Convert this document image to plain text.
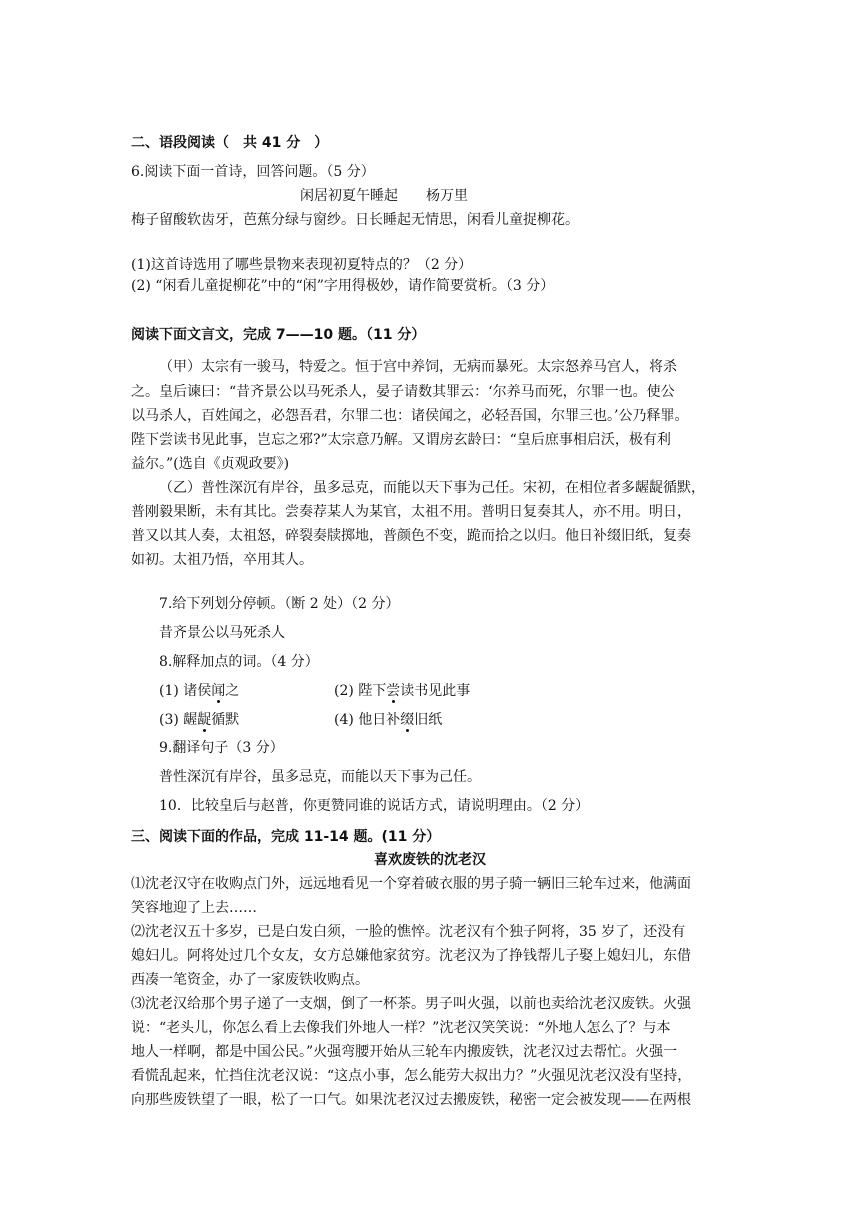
二、语段阅读（　共 41 分　）
6.阅读下面一首诗，回答问题。（5 分）
闲居初夏午睡起　　杨万里
梅子留酸软齿牙，芭蕉分绿与窗纱。日长睡起无情思，闲看儿童捉柳花。
(1)这首诗选用了哪些景物来表现初夏特点的？（2 分）
(2) “闲看儿童捉柳花”中的“闲”字用得极妙，请作简要赏析。（3 分）
阅读下面文言文，完成 7——10 题。（11 分）
（甲）太宗有一骏马，特爱之。恒于宫中养饲，无病而暴死。太宗怒养马宫人，将杀
之。皇后谏曰：“昔齐景公以马死杀人，晏子请数其罪云：‘尔养马而死，尔罪一也。使公
以马杀人，百姓闻之，必怨吾君，尔罪二也：诸侯闻之，必轻吾国，尔罪三也。’公乃释罪。
陛下尝读书见此事，岂忘之邪?”太宗意乃解。又谓房玄龄曰：“皇后庶事相启沃，极有利
益尔。”(选自《贞观政要》)
（乙）普性深沉有岸谷，虽多忌克，而能以天下事为己任。宋初，在相位者多龌龊循默，
普刚毅果断，未有其比。尝奏荐某人为某官，太祖不用。普明日复奏其人，亦不用。明日，
普又以其人奏，太祖怒，碎裂奏牍掷地，普颜色不变，跪而拾之以归。他日补缀旧纸，复奏
如初。太祖乃悟，卒用其人。
7.给下列划分停顿。（断 2 处）（2 分）
昔齐景公以马死杀人
8.解释加点的词。（4 分）
(1) 诸侯闻之	(2) 陛下尝读书见此事
(3) 龌龊循默	(4) 他日补缀旧纸
9.翻译句子（3 分）
普性深沉有岸谷，虽多忌克，而能以天下事为己任。
10．比较皇后与赵普，你更赞同谁的说话方式，请说明理由。（2 分）
三、阅读下面的作品，完成 11-14 题。(11 分）
喜欢废铁的沈老汉
⑴沈老汉守在收购点门外，远远地看见一个穿着破衣服的男子骑一辆旧三轮车过来，他满面
笑容地迎了上去……
⑵沈老汉五十多岁，已是白发白须，一脸的憔悴。沈老汉有个独子阿将，35 岁了，还没有
媳妇儿。阿将处过几个女友，女方总嫌他家贫穷。沈老汉为了挣钱帮儿子娶上媳妇儿，东借
西凑一笔资金，办了一家废铁收购点。
⑶沈老汉给那个男子递了一支烟，倒了一杯茶。男子叫火强，以前也卖给沈老汉废铁。火强
说：“老头儿，你怎么看上去像我们外地人一样？”沈老汉笑笑说：“外地人怎么了？与本
地人一样啊，都是中国公民。”火强弯腰开始从三轮车内搬废铁，沈老汉过去帮忙。火强一
看慌乱起来，忙挡住沈老汉说：“这点小事，怎么能劳大叔出力？”火强见沈老汉没有坚持，
向那些废铁望了一眼，松了一口气。如果沈老汉过去搬废铁，秘密一定会被发现——在两根
